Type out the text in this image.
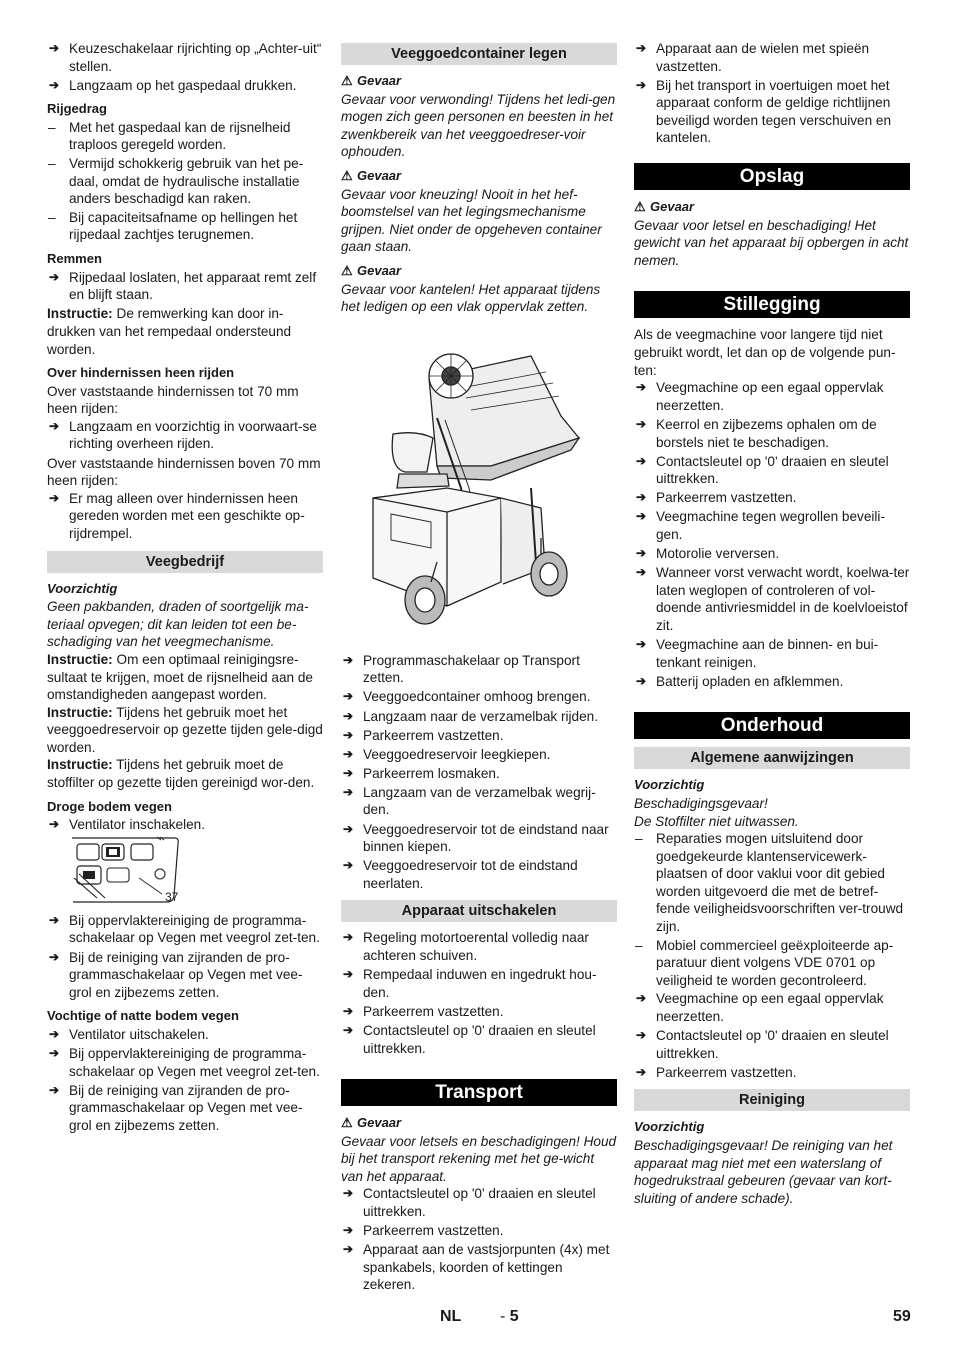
➔ Keuzeschakelaar rijrichting op „Achter-uit“ stellen.

➔ Langzaam op het gaspedaal drukken.

Rijgedrag

– Met het gaspedaal kan de rijsnelheid traploos geregeld worden.

– Vermijd schokkerig gebruik van het pe-daal, omdat de hydraulische installatie anders beschadigd kan raken.

– Bij capaciteitsafname op hellingen het rijpedaal zachtjes terugnemen.

Remmen

➔ Rijpedaal loslaten, het apparaat remt zelf en blijft staan.

Instructie: De remwerking kan door in-drukken van het rempedaal ondersteund worden.

Over hindernissen heen rijden

Over vaststaande hindernissen tot 70 mm heen rijden:

➔ Langzaam en voorzichtig in voorwaart-se richting overheen rijden.

Over vaststaande hindernissen boven 70 mm heen rijden:

➔ Er mag alleen over hindernissen heen gereden worden met een geschikte op-rijdrempel.

Veegbedrijf

Voorzichtig

Geen pakbanden, draden of soortgelijk ma-teriaal opvegen; dit kan leiden tot een be-schadiging van het veegmechanisme.

Instructie: Om een optimaal reinigingsre-sultaat te krijgen, moet de rijsnelheid aan de omstandigheden aangepast worden.

Instructie: Tijdens het gebruik moet het veeggoedreservoir op gezette tijden gele-digd worden.

Instructie: Tijdens het gebruik moet de stoffilter op gezette tijden gereinigd wor-den.

Droge bodem vegen

➔ Ventilator inschakelen.

37

➔ Bij oppervlaktereiniging de programma-schakelaar op Vegen met veegrol zet-ten.

➔ Bij de reiniging van zijranden de pro-grammaschakelaar op Vegen met vee-grol en zijbezems zetten.

Vochtige of natte bodem vegen

➔ Ventilator uitschakelen.

➔ Bij oppervlaktereiniging de programma-schakelaar op Vegen met veegrol zet-ten.

➔ Bij de reiniging van zijranden de pro-grammaschakelaar op Vegen met vee-grol en zijbezems zetten.

Veeggoedcontainer legen

⚠ Gevaar

Gevaar voor verwonding! Tijdens het ledi-gen mogen zich geen personen en beesten in het zwenkbereik van het veeggoedreser-voir ophouden.

⚠ Gevaar

Gevaar voor kneuzing! Nooit in het hef-boomstelsel van het legingsmechanisme grijpen. Niet onder de opgeheven container gaan staan.

⚠ Gevaar

Gevaar voor kantelen! Het apparaat tijdens het ledigen op een vlak oppervlak zetten.

➔ Programmaschakelaar op Transport zetten.

➔ Veeggoedcontainer omhoog brengen.

➔ Langzaam naar de verzamelbak rijden.

➔ Parkeerrem vastzetten.

➔ Veeggoedreservoir leegkiepen.

➔ Parkeerrem losmaken.

➔ Langzaam van de verzamelbak wegrij-den.

➔ Veeggoedreservoir tot de eindstand naar binnen kiepen.

➔ Veeggoedreservoir tot de eindstand neerlaten.

Apparaat uitschakelen

➔ Regeling motortoerental volledig naar achteren schuiven.

➔ Rempedaal induwen en ingedrukt hou-den.

➔ Parkeerrem vastzetten.

➔ Contactsleutel op '0' draaien en sleutel uittrekken.

Transport

⚠ Gevaar

Gevaar voor letsels en beschadigingen! Houd bij het transport rekening met het ge-wicht van het apparaat.

➔ Contactsleutel op '0' draaien en sleutel uittrekken.

➔ Parkeerrem vastzetten.

➔ Apparaat aan de vastsjorpunten (4x) met spankabels, koorden of kettingen zekeren.

➔ Apparaat aan de wielen met spieën vastzetten.

➔ Bij het transport in voertuigen moet het apparaat conform de geldige richtlijnen beveiligd worden tegen verschuiven en kantelen.

Opslag

⚠ Gevaar

Gevaar voor letsel en beschadiging! Het gewicht van het apparaat bij opbergen in acht nemen.

Stillegging

Als de veegmachine voor langere tijd niet gebruikt wordt, let dan op de volgende pun-ten:

➔ Veegmachine op een egaal oppervlak neerzetten.

➔ Keerrol en zijbezems ophalen om de borstels niet te beschadigen.

➔ Contactsleutel op '0' draaien en sleutel uittrekken.

➔ Parkeerrem vastzetten.

➔ Veegmachine tegen wegrollen beveili-gen.

➔ Motorolie verversen.

➔ Wanneer vorst verwacht wordt, koelwa-ter laten weglopen of controleren of vol-doende antivriesmiddel in de koelvloeistof zit.

➔ Veegmachine aan de binnen- en bui-tenkant reinigen.

➔ Batterij opladen en afklemmen.

Onderhoud
Algemene aanwijzingen

Voorzichtig

Beschadigingsgevaar!

De Stoffilter niet uitwassen.

– Reparaties mogen uitsluitend door goedgekeurde klantenservicewerk-plaatsen of door vaklui voor dit gebied worden uitgevoerd die met de betref-fende veiligheidsvoorschriften ver-trouwd zijn.

– Mobiel commercieel geëxploiteerde ap-paratuur dient volgens VDE 0701 op veiligheid te worden gecontroleerd.

➔ Veegmachine op een egaal oppervlak neerzetten.

➔ Contactsleutel op '0' draaien en sleutel uittrekken.

➔ Parkeerrem vastzetten.

Reiniging

Voorzichtig

Beschadigingsgevaar! De reiniging van het apparaat mag niet met een waterslang of hogedrukstraal gebeuren (gevaar van kort-sluiting of andere schade).

NL - 5	59
